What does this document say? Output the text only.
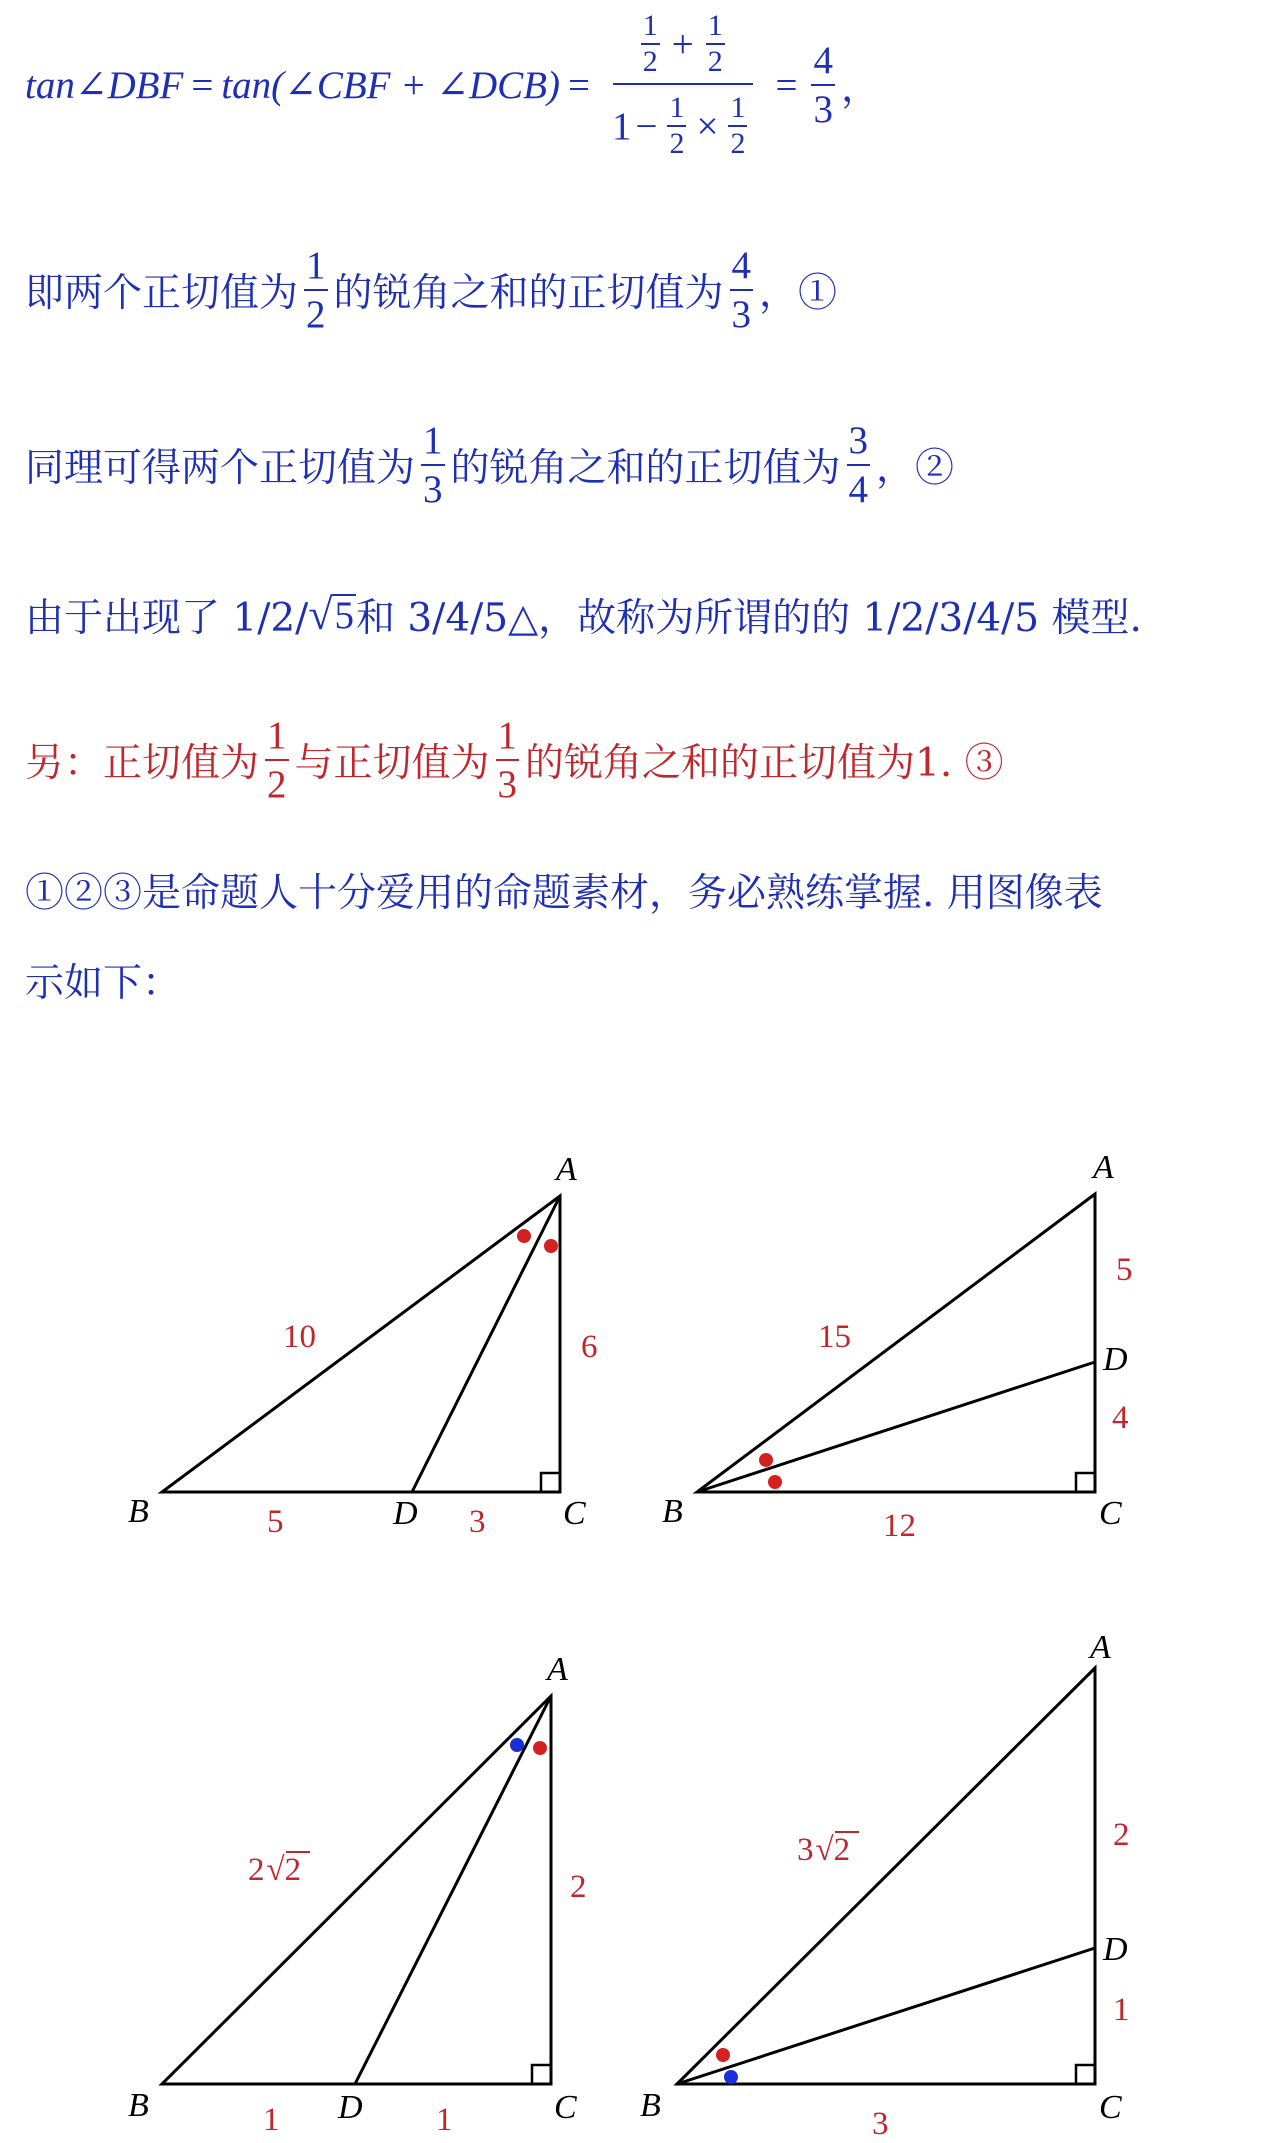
tan∠DBF = tan(∠CBF + ∠DCB) = $\frac{\frac{1}{2} + \frac{1}{2}}{1 - \frac{1}{2} \times \frac{1}{2}} = \frac{4}{3}$ ，
即两个正切值为 $\frac{1}{2}$ 的锐角之和的正切值为 $\frac{4}{3}$ ，①
同理可得两个正切值为 $\frac{1}{3}$ 的锐角之和的正切值为 $\frac{3}{4}$ ，②
由于出现了 1/2/ √ 5 和 3/4/5△，故称为所谓的的 1/2/3/4/5 模型.
另：正切值为 $\frac{1}{2}$ 与正切值为 $\frac{1}{3}$ 的锐角之和的正切值为1. ③
①②③是命题人十分爱用的命题素材，务必熟练掌握. 用图像表
示如下：
A
B	D	C
A
D
B	C
A
B	D	C
A
D
B	C
10	6
5	3
15
5
4
12
2√2	2
1	1
3√2	2
1
3
